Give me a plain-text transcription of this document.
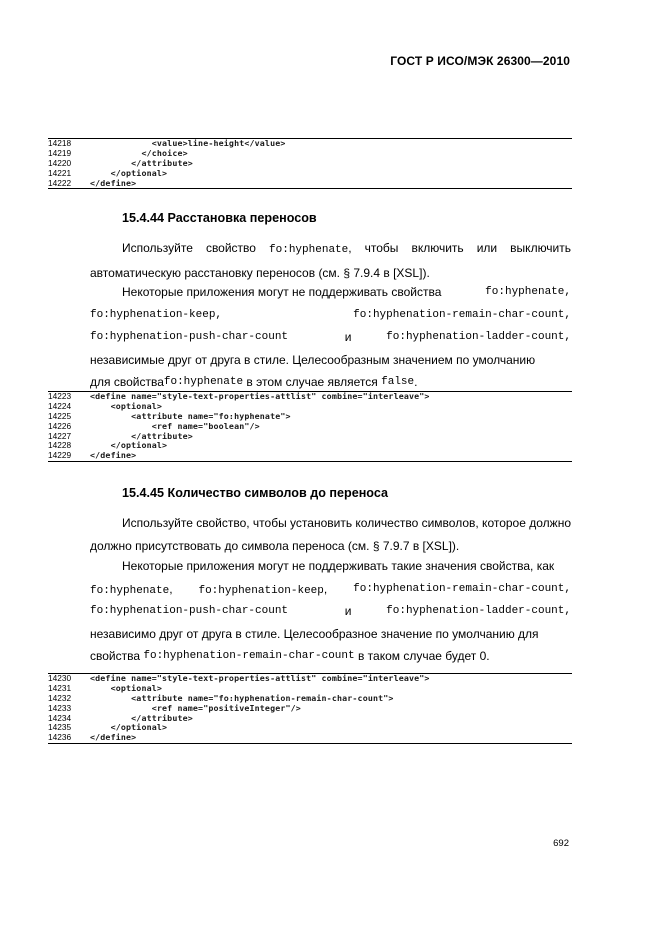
ГОСТ Р ИСО/МЭК 26300—2010
14218	<value>line-height</value>
14219	</choice>
14220	</attribute>
14221	</optional>
14222	</define>
15.4.44 Расстановка переносов
Используйте свойство fo:hyphenate, чтобы включить или выключить автоматическую расстановку переносов (см. § 7.9.4 в [XSL]).
Некоторые приложения могут не поддерживать свойства	fo:hyphenate,
fo:hyphenation-keep,	fo:hyphenation-remain-char-count,
fo:hyphenation-push-char-count	и	fo:hyphenation-ladder-count,
независимые друг от друга в стиле. Целесообразным значением по умолчанию
для свойства fo:hyphenate в этом случае является false .
14223	<define name="style-text-properties-attlist" combine="interleave">
14224	<optional>
14225	<attribute name="fo:hyphenate">
14226	<ref name="boolean"/>
14227	</attribute>
14228	</optional>
14229	</define>
15.4.45 Количество символов до переноса
Используйте свойство, чтобы установить количество символов, которое должно должно присутствовать до символа переноса (см. § 7.9.7 в [XSL]).
Некоторые приложения могут не поддерживать такие значения свойства, как
fo:hyphenate, fo:hyphenation-keep, fo:hyphenation-remain-char-count,
fo:hyphenation-push-char-count	и	fo:hyphenation-ladder-count,
независимо друг от друга в стиле. Целесообразное значение по умолчанию для
свойства fo:hyphenation-remain-char-count в таком случае будет 0.
14230	<define name="style-text-properties-attlist" combine="interleave">
14231	<optional>
14232	<attribute name="fo:hyphenation-remain-char-count">
14233	<ref name="positiveInteger"/>
14234	</attribute>
14235	</optional>
14236	</define>
692
